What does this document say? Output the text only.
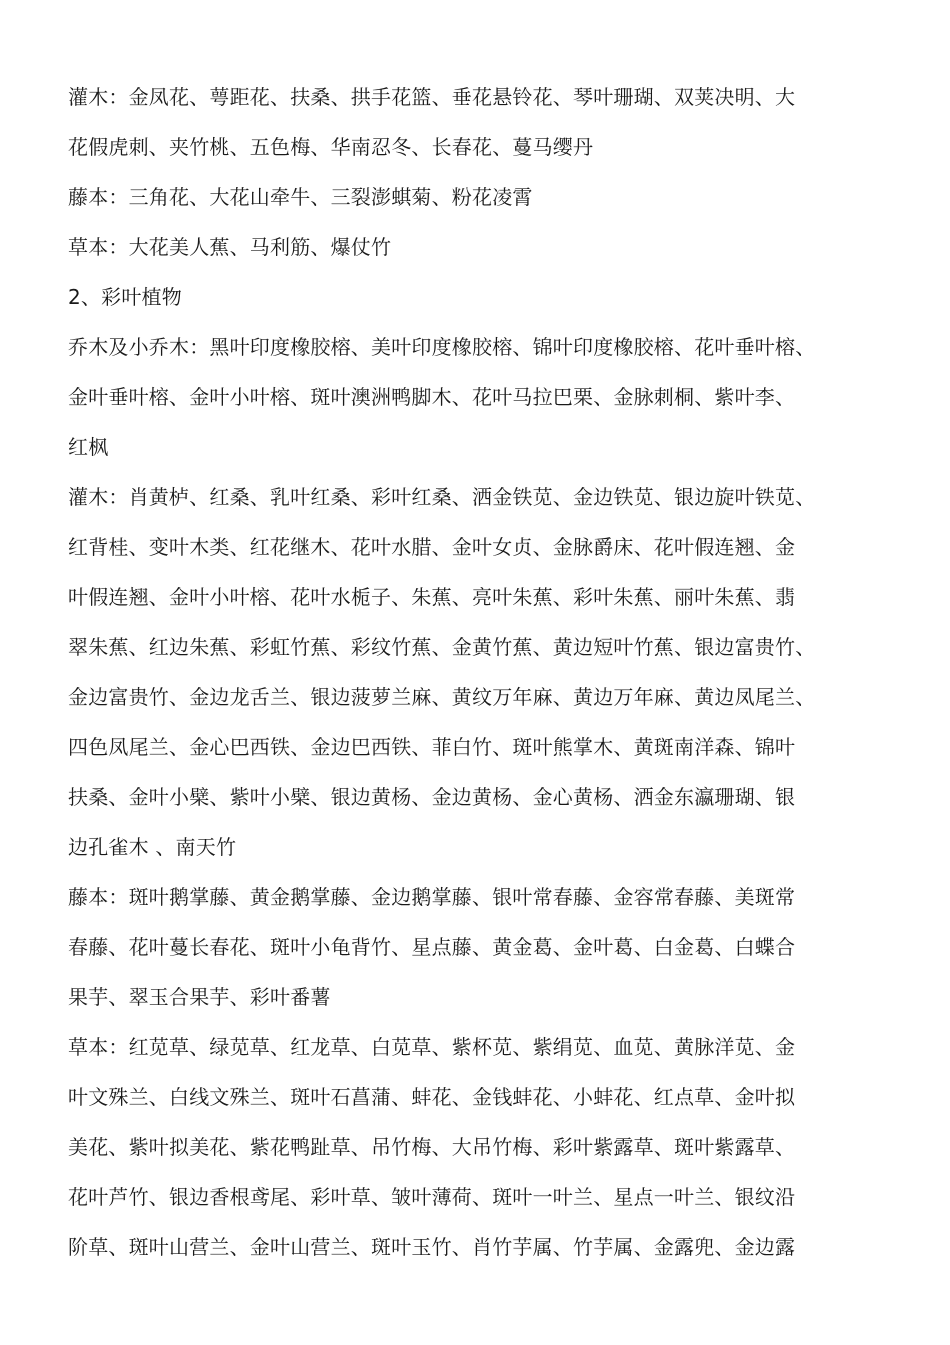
灌木：金凤花、萼距花、扶桑、拱手花篮、垂花悬铃花、琴叶珊瑚、双荚决明、大
花假虎刺、夹竹桃、五色梅、华南忍冬、长春花、蔓马缨丹
藤本：三角花、大花山牵牛、三裂澎蜞菊、粉花凌霄
草本：大花美人蕉、马利筋、爆仗竹
2、彩叶植物
乔木及小乔木：黑叶印度橡胶榕、美叶印度橡胶榕、锦叶印度橡胶榕、花叶垂叶榕、
金叶垂叶榕、金叶小叶榕、斑叶澳洲鸭脚木、花叶马拉巴栗、金脉刺桐、紫叶李、
红枫
灌木：肖黄栌、红桑、乳叶红桑、彩叶红桑、洒金铁苋、金边铁苋、银边旋叶铁苋、
红背桂、变叶木类、红花继木、花叶水腊、金叶女贞、金脉爵床、花叶假连翘、金
叶假连翘、金叶小叶榕、花叶水栀子、朱蕉、亮叶朱蕉、彩叶朱蕉、丽叶朱蕉、翡
翠朱蕉、红边朱蕉、彩虹竹蕉、彩纹竹蕉、金黄竹蕉、黄边短叶竹蕉、银边富贵竹、
金边富贵竹、金边龙舌兰、银边菠萝兰麻、黄纹万年麻、黄边万年麻、黄边凤尾兰、
四色凤尾兰、金心巴西铁、金边巴西铁、菲白竹、斑叶熊掌木、黄斑南洋森、锦叶
扶桑、金叶小檗、紫叶小檗、银边黄杨、金边黄杨、金心黄杨、洒金东瀛珊瑚、银
边孔雀木 、南天竹
藤本：斑叶鹅掌藤、黄金鹅掌藤、金边鹅掌藤、银叶常春藤、金容常春藤、美斑常
春藤、花叶蔓长春花、斑叶小龟背竹、星点藤、黄金葛、金叶葛、白金葛、白蝶合
果芋、翠玉合果芋、彩叶番薯
草本：红苋草、绿苋草、红龙草、白苋草、紫杯苋、紫绢苋、血苋、黄脉洋苋、金
叶文殊兰、白线文殊兰、斑叶石菖蒲、蚌花、金钱蚌花、小蚌花、红点草、金叶拟
美花、紫叶拟美花、紫花鸭趾草、吊竹梅、大吊竹梅、彩叶紫露草、斑叶紫露草、
花叶芦竹、银边香根鸢尾、彩叶草、皱叶薄荷、斑叶一叶兰、星点一叶兰、银纹沿
阶草、斑叶山营兰、金叶山营兰、斑叶玉竹、肖竹芋属、竹芋属、金露兜、金边露
